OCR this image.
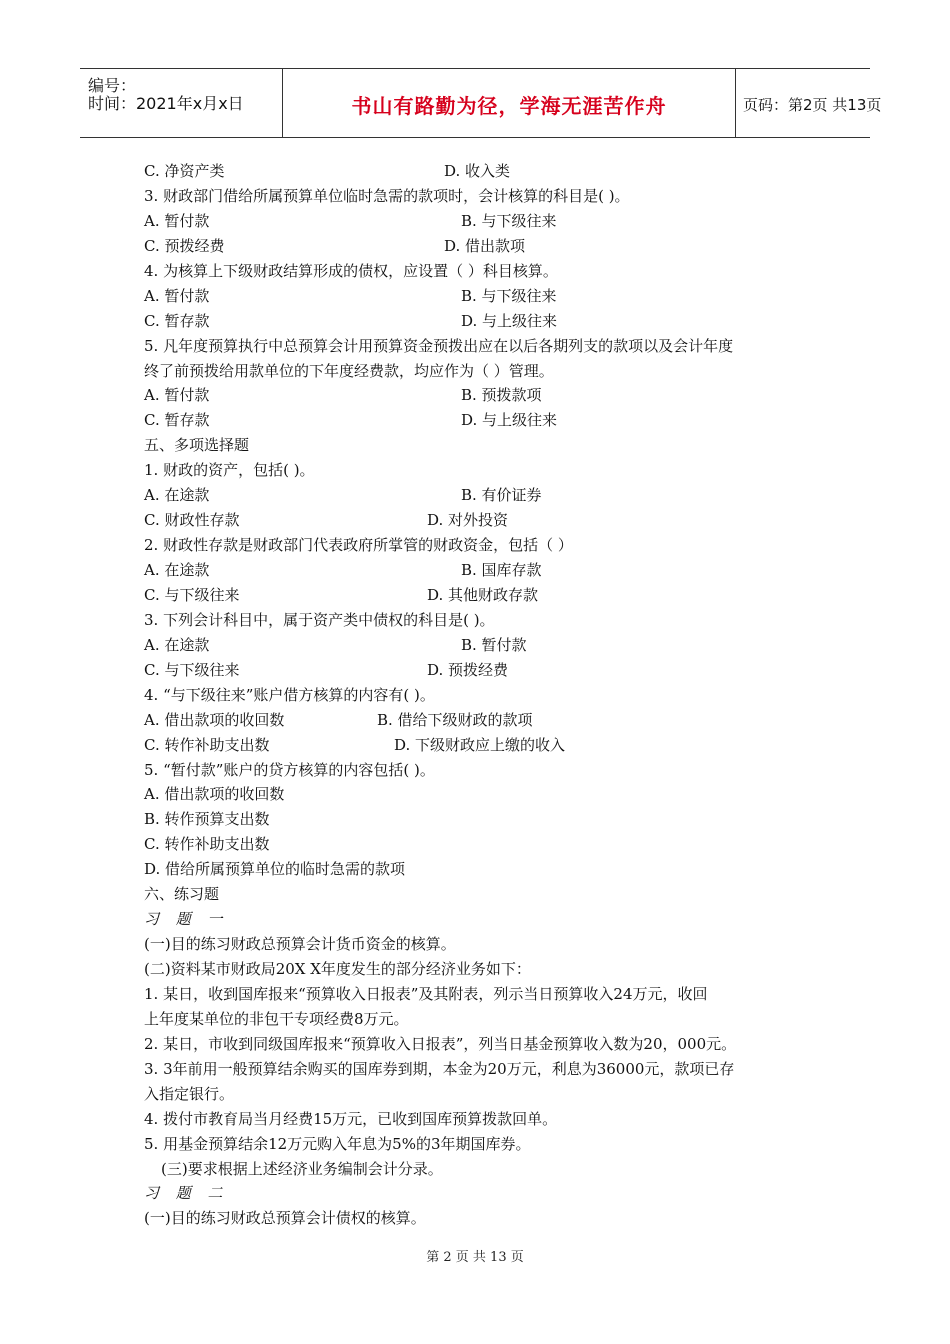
编号：
时间：2021年x月x日	书山有路勤为径，学海无涯苦作舟	页码：第2页 共13页
C. 净资产类	D. 收入类
3. 财政部门借给所属预算单位临时急需的款项时，会计核算的科目是( )。
A. 暂付款	B. 与下级往来
C. 预拨经费	D. 借出款项
4. 为核算上下级财政结算形成的债权，应设置（ ）科目核算。
A. 暂付款	B. 与下级往来
C. 暂存款	D. 与上级往来
5. 凡年度预算执行中总预算会计用预算资金预拨出应在以后各期列支的款项以及会计年度
终了前预拨给用款单位的下年度经费款，均应作为（ ）管理。
A. 暂付款	B. 预拨款项
C. 暂存款	D. 与上级往来
五、多项选择题
1. 财政的资产，包括( )。
A. 在途款	B. 有价证券
C. 财政性存款	D. 对外投资
2. 财政性存款是财政部门代表政府所掌管的财政资金，包括（ ）
A. 在途款	B. 国库存款
C. 与下级往来	D. 其他财政存款
3. 下列会计科目中，属于资产类中债权的科目是( )。
A. 在途款	B. 暂付款
C. 与下级往来	D. 预拨经费
4. “与下级往来”账户借方核算的内容有( )。
A. 借出款项的收回数	B. 借给下级财政的款项
C. 转作补助支出数	D. 下级财政应上缴的收入
5. “暂付款”账户的贷方核算的内容包括( )。
A. 借出款项的收回数
B. 转作预算支出数
C. 转作补助支出数
D. 借给所属预算单位的临时急需的款项
六、练习题
习 题 一
(一)目的练习财政总预算会计货币资金的核算。
(二)资料某市财政局20X X年度发生的部分经济业务如下：
1. 某日，收到国库报来“预算收入日报表”及其附表，列示当日预算收入24万元，收回
上年度某单位的非包干专项经费8万元。
2. 某日，市收到同级国库报来“预算收入日报表”，列当日基金预算收入数为20，000元。
3. 3年前用一般预算结余购买的国库券到期，本金为20万元，利息为36000元，款项已存
入指定银行。
4. 拨付市教育局当月经费15万元，已收到国库预算拨款回单。
5. 用基金预算结余12万元购入年息为5%的3年期国库券。
(三)要求根据上述经济业务编制会计分录。
习 题 二
(一)目的练习财政总预算会计债权的核算。
第 2 页 共 13 页
